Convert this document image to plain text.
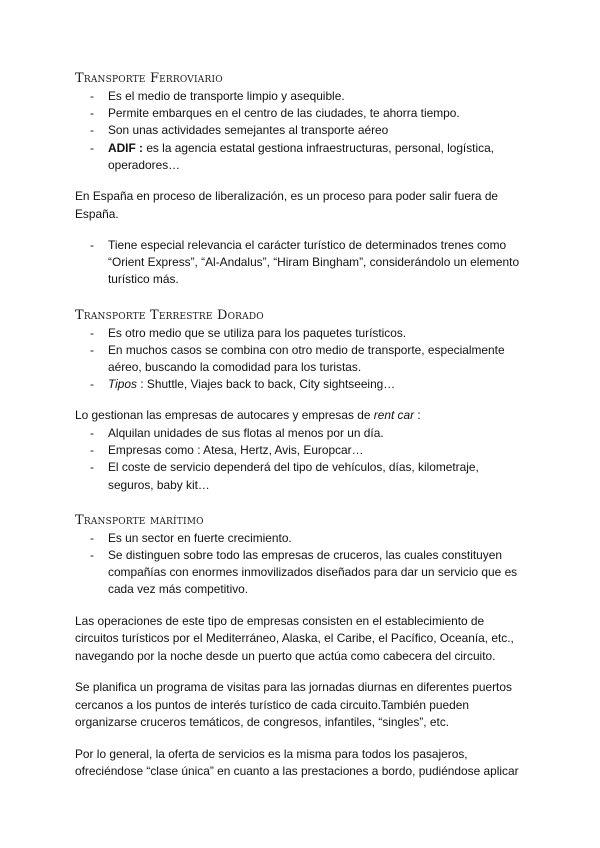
Transporte Ferroviario
- Es el medio de transporte limpio y asequible.
- Permite embarques en el centro de las ciudades, te ahorra tiempo.
- Son unas actividades semejantes al transporte aéreo
- ADIF : es la agencia estatal gestiona infraestructuras, personal, logística, operadores…

En España en proceso de liberalización, es un proceso para poder salir fuera de España.

- Tiene especial relevancia el carácter turístico de determinados trenes como “Orient Express”, “Al-Andalus”, “Hiram Bingham”, considerándolo un elemento turístico más.
Transporte Terrestre Dorado
- Es otro medio que se utiliza para los paquetes turísticos.
- En muchos casos se combina con otro medio de transporte, especialmente aéreo, buscando la comodidad para los turistas.
- Tipos : Shuttle, Viajes back to back, City sightseeing…

Lo gestionan las empresas de autocares y empresas de rent car :

- Alquilan unidades de sus flotas al menos por un día.
- Empresas como : Atesa, Hertz, Avis, Europcar…
- El coste de servicio dependerá del tipo de vehículos, días, kilometraje, seguros, baby kit…
Transporte marítimo
- Es un sector en fuerte crecimiento.
- Se distinguen sobre todo las empresas de cruceros, las cuales constituyen compañías con enormes inmovilizados diseñados para dar un servicio que es cada vez más competitivo.

Las operaciones de este tipo de empresas consisten en el establecimiento de circuitos turísticos por el Mediterráneo, Alaska, el Caribe, el Pacífico, Oceanía, etc., navegando por la noche desde un puerto que actúa como cabecera del circuito.

Se planifica un programa de visitas para las jornadas diurnas en diferentes puertos cercanos a los puntos de interés turístico de cada circuito.También pueden organizarse cruceros temáticos, de congresos, infantiles, “singles”, etc.

Por lo general, la oferta de servicios es la misma para todos los pasajeros, ofreciéndose “clase única” en cuanto a las prestaciones a bordo, pudiéndose aplicar
